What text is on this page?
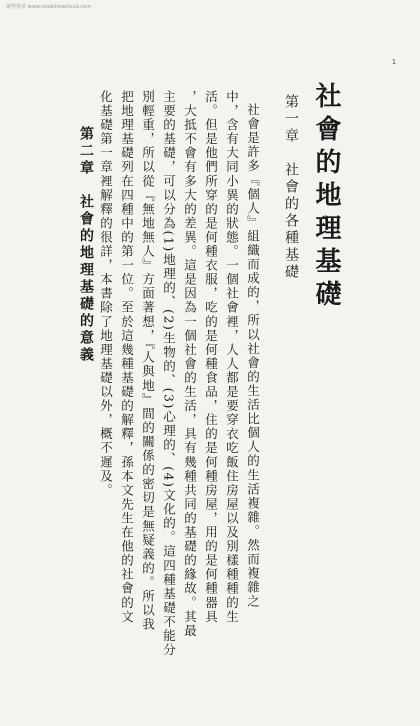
讀秀資訊 www.readshowcloud.com
1
社會的地理基礎
第一章　社會的各種基礎
社會是許多『個人』組織而成的，所以社會的生活比個人的生活複雜。然而複雜之
中，含有大同小異的狀態。一個社會裡，人人都是要穿衣吃飯住房屋以及別樣種種的生
活。但是他們所穿的是何種衣服，吃的是何種食品，住的是何種房屋，用的是何種器具
，大抵不會有多大的差異。這是因為一個社會的生活，具有幾種共同的基礎的緣故。其最
主要的基礎，可以分為(1)地理的、(2)生物的、(3)心理的、(4)文化的。這四種基礎不能分
別輕重，所以從『無地無人』方面著想，『人與地』間的關係的密切是無疑義的。所以我
把地理基礎列在四種中的第一位。至於這幾種基礎的解釋，孫本文先生在他的社會的文
化基礎第一章裡解釋的很詳，本書除了地理基礎以外，概不遲及。
第二章　社會的地理基礎的意義
